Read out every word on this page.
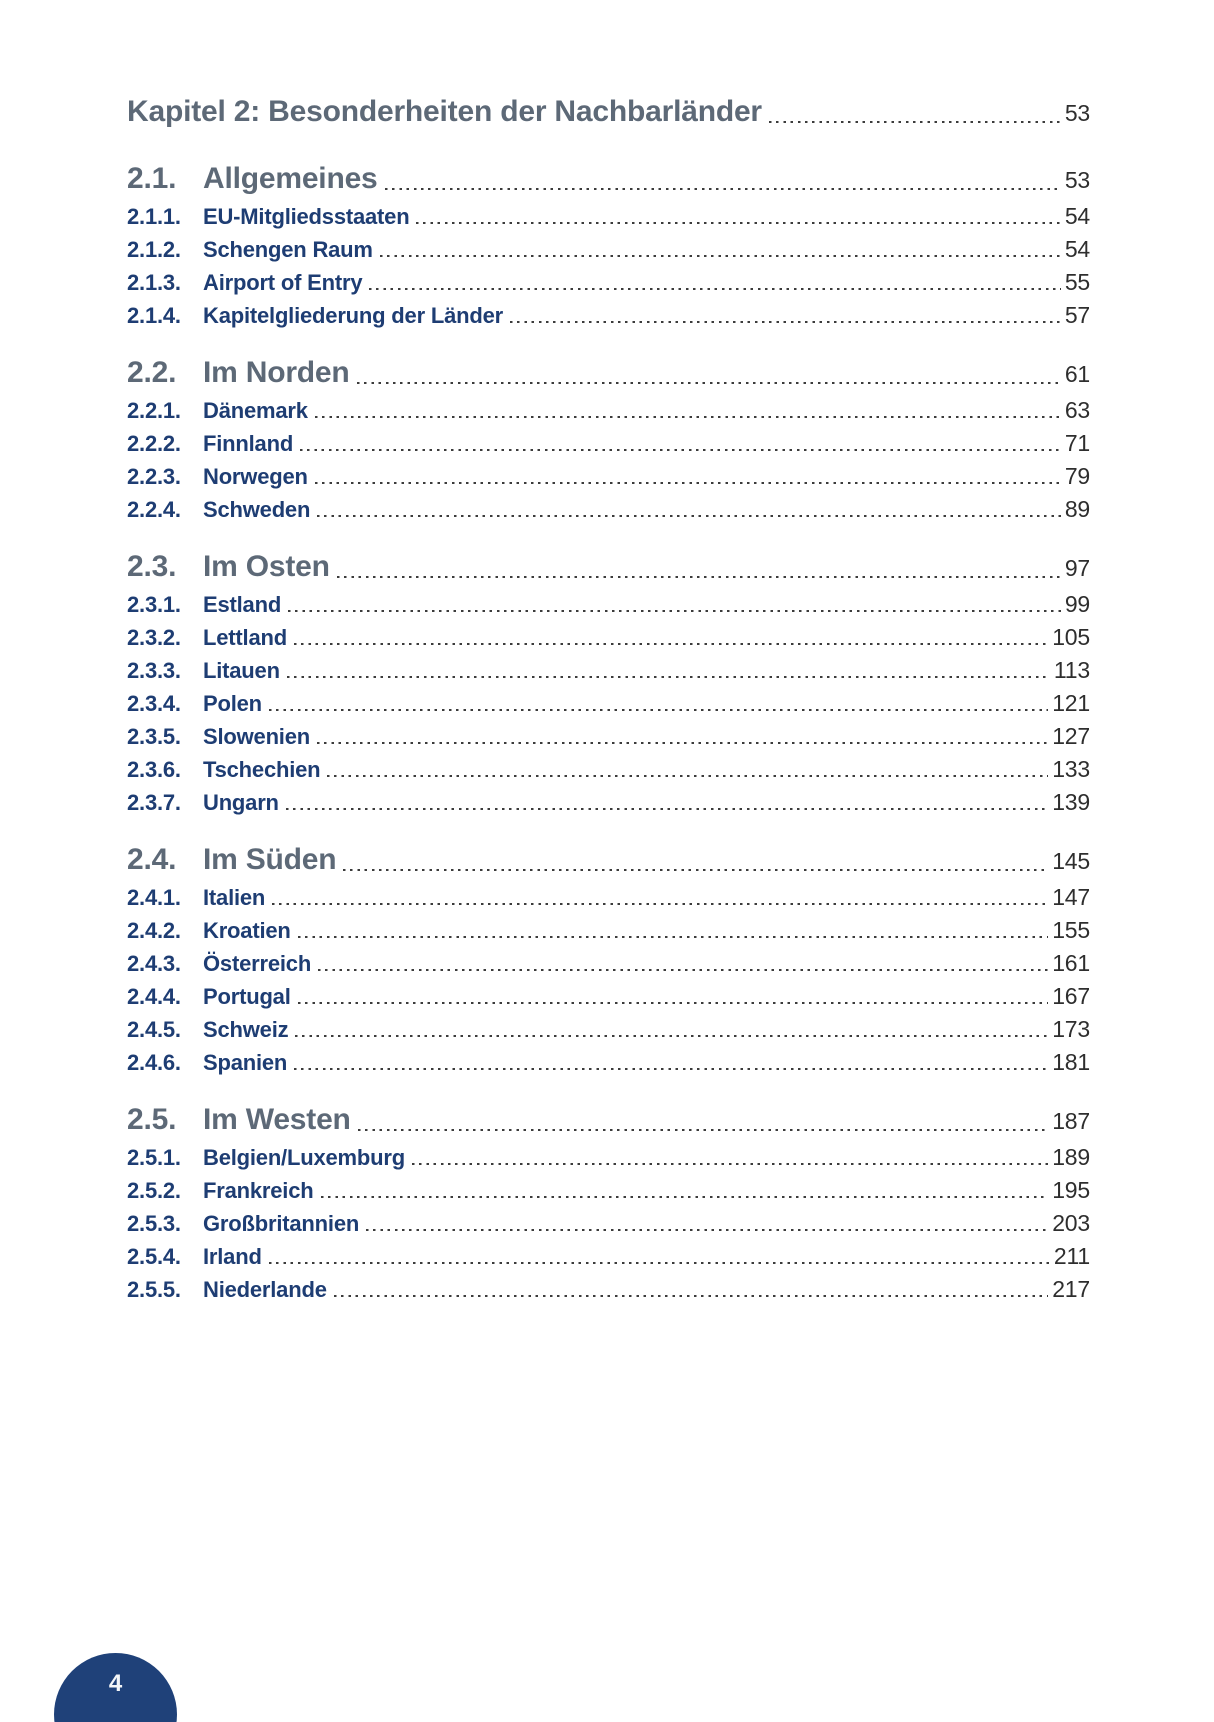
Kapitel 2: Besonderheiten der Nachbarländer	53
2.1. Allgemeines	53
2.1.1.	EU-Mitgliedsstaaten	54
2.1.2.	Schengen Raum	54
2.1.3.	Airport of Entry	55
2.1.4.	Kapitelgliederung der Länder	57
2.2. Im Norden	61
2.2.1.	Dänemark	63
2.2.2.	Finnland	71
2.2.3.	Norwegen	79
2.2.4.	Schweden	89
2.3. Im Osten	97
2.3.1.	Estland	99
2.3.2.	Lettland	105
2.3.3.	Litauen	113
2.3.4.	Polen	121
2.3.5.	Slowenien	127
2.3.6.	Tschechien	133
2.3.7.	Ungarn	139
2.4. Im Süden	145
2.4.1.	Italien	147
2.4.2.	Kroatien	155
2.4.3.	Österreich	161
2.4.4.	Portugal	167
2.4.5.	Schweiz	173
2.4.6.	Spanien	181
2.5. Im Westen	187
2.5.1.	Belgien/Luxemburg	189
2.5.2.	Frankreich	195
2.5.3.	Großbritannien	203
2.5.4.	Irland	211
2.5.5.	Niederlande	217
4
